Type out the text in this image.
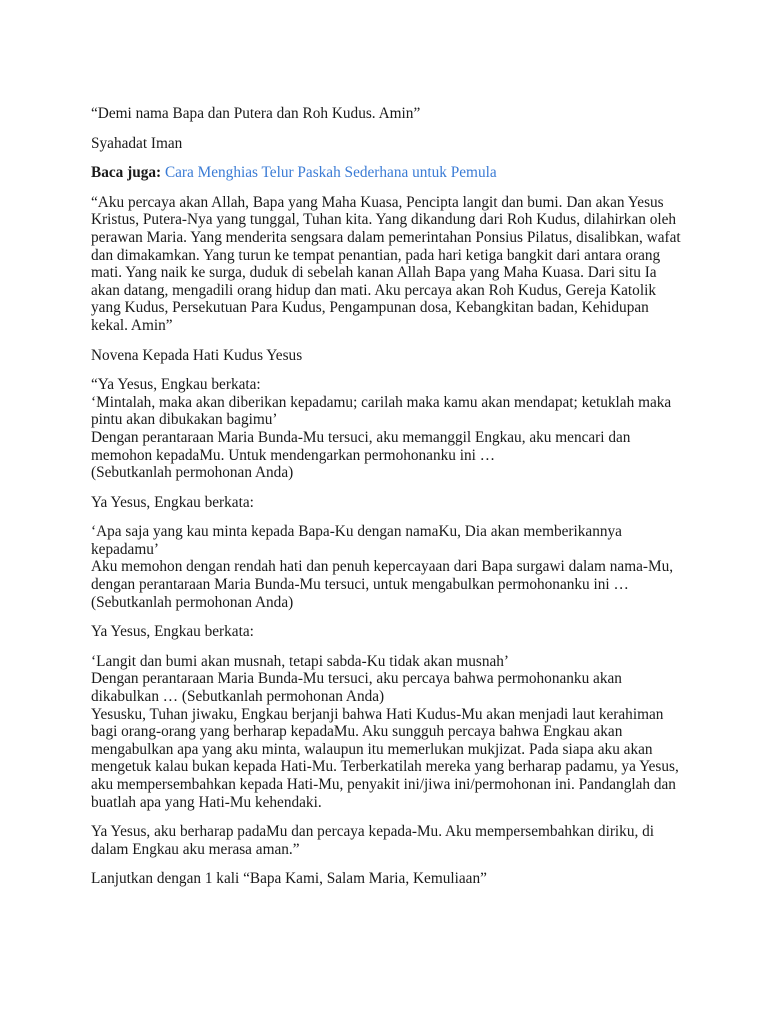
“Demi nama Bapa dan Putera dan Roh Kudus. Amin”

Syahadat Iman

Baca juga: Cara Menghias Telur Paskah Sederhana untuk Pemula

“Aku percaya akan Allah, Bapa yang Maha Kuasa, Pencipta langit dan bumi. Dan akan Yesus
Kristus, Putera-Nya yang tunggal, Tuhan kita. Yang dikandung dari Roh Kudus, dilahirkan oleh
perawan Maria. Yang menderita sengsara dalam pemerintahan Ponsius Pilatus, disalibkan, wafat
dan dimakamkan. Yang turun ke tempat penantian, pada hari ketiga bangkit dari antara orang
mati. Yang naik ke surga, duduk di sebelah kanan Allah Bapa yang Maha Kuasa. Dari situ Ia
akan datang, mengadili orang hidup dan mati. Aku percaya akan Roh Kudus, Gereja Katolik
yang Kudus, Persekutuan Para Kudus, Pengampunan dosa, Kebangkitan badan, Kehidupan
kekal. Amin”

Novena Kepada Hati Kudus Yesus

“Ya Yesus, Engkau berkata:
‘Mintalah, maka akan diberikan kepadamu; carilah maka kamu akan mendapat; ketuklah maka
pintu akan dibukakan bagimu’
Dengan perantaraan Maria Bunda-Mu tersuci, aku memanggil Engkau, aku mencari dan
memohon kepadaMu. Untuk mendengarkan permohonanku ini …
(Sebutkanlah permohonan Anda)

Ya Yesus, Engkau berkata:

‘Apa saja yang kau minta kepada Bapa-Ku dengan namaKu, Dia akan memberikannya
kepadamu’
Aku memohon dengan rendah hati dan penuh kepercayaan dari Bapa surgawi dalam nama-Mu,
dengan perantaraan Maria Bunda-Mu tersuci, untuk mengabulkan permohonanku ini …
(Sebutkanlah permohonan Anda)

Ya Yesus, Engkau berkata:

‘Langit dan bumi akan musnah, tetapi sabda-Ku tidak akan musnah’
Dengan perantaraan Maria Bunda-Mu tersuci, aku percaya bahwa permohonanku akan
dikabulkan … (Sebutkanlah permohonan Anda)
Yesusku, Tuhan jiwaku, Engkau berjanji bahwa Hati Kudus-Mu akan menjadi laut kerahiman
bagi orang-orang yang berharap kepadaMu. Aku sungguh percaya bahwa Engkau akan
mengabulkan apa yang aku minta, walaupun itu memerlukan mukjizat. Pada siapa aku akan
mengetuk kalau bukan kepada Hati-Mu. Terberkatilah mereka yang berharap padamu, ya Yesus,
aku mempersembahkan kepada Hati-Mu, penyakit ini/jiwa ini/permohonan ini. Pandanglah dan
buatlah apa yang Hati-Mu kehendaki.

Ya Yesus, aku berharap padaMu dan percaya kepada-Mu. Aku mempersembahkan diriku, di
dalam Engkau aku merasa aman.”

Lanjutkan dengan 1 kali “Bapa Kami, Salam Maria, Kemuliaan”
